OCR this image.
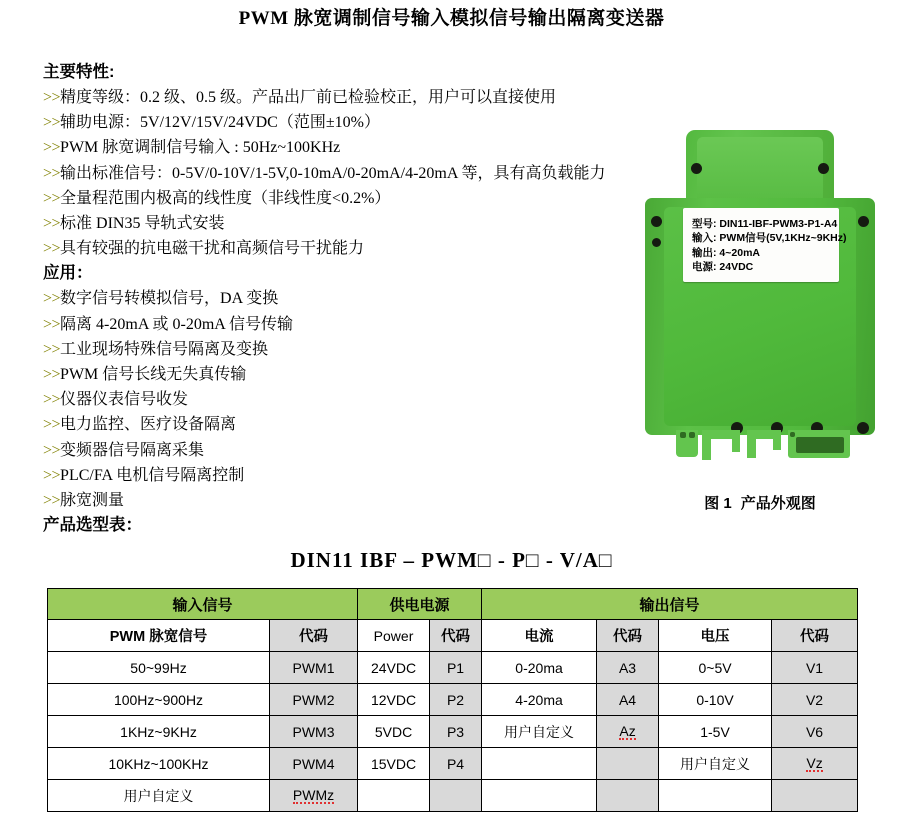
PWM 脉宽调制信号输入模拟信号输出隔离变送器
主要特性:
>>精度等级：0.2 级、0.5 级。产品出厂前已检验校正，用户可以直接使用
>>辅助电源：5V/12V/15V/24VDC（范围±10%）
>>PWM 脉宽调制信号输入 : 50Hz~100KHz
>>输出标准信号：0-5V/0-10V/1-5V,0-10mA/0-20mA/4-20mA 等，具有高负载能力
>>全量程范围内极高的线性度（非线性度<0.2%）
>>标准 DIN35 导轨式安装
>>具有较强的抗电磁干扰和高频信号干扰能力
应用：
>>数字信号转模拟信号，DA 变换
>>隔离 4-20mA 或 0-20mA 信号传输
>>工业现场特殊信号隔离及变换
>>PWM 信号长线无失真传输
>>仪器仪表信号收发
>>电力监控、医疗设备隔离
>>变频器信号隔离采集
>>PLC/FA 电机信号隔离控制
>>脉宽测量
产品选型表：
型号: DIN11-IBF-PWM3-P1-A4
输入: PWM信号(5V,1KHz~9KHz)
输出: 4~20mA
电源: 24VDC
图 1 产品外观图
DIN11 IBF – PWM□ - P□ - V/A□
输入信号		供电电源		输出信号			
PWM 脉宽信号	代码	Power	代码	电流	代码	电压	代码
50~99Hz	PWM1	24VDC	P1	0-20ma	A3	0~5V	V1
100Hz~900Hz	PWM2	12VDC	P2	4-20ma	A4	0-10V	V2
1KHz~9KHz	PWM3	5VDC	P3	用户自定义	Az	1-5V	V6
10KHz~100KHz	PWM4	15VDC	P4			用户自定义	Vz
用户自定义	PWMz						
